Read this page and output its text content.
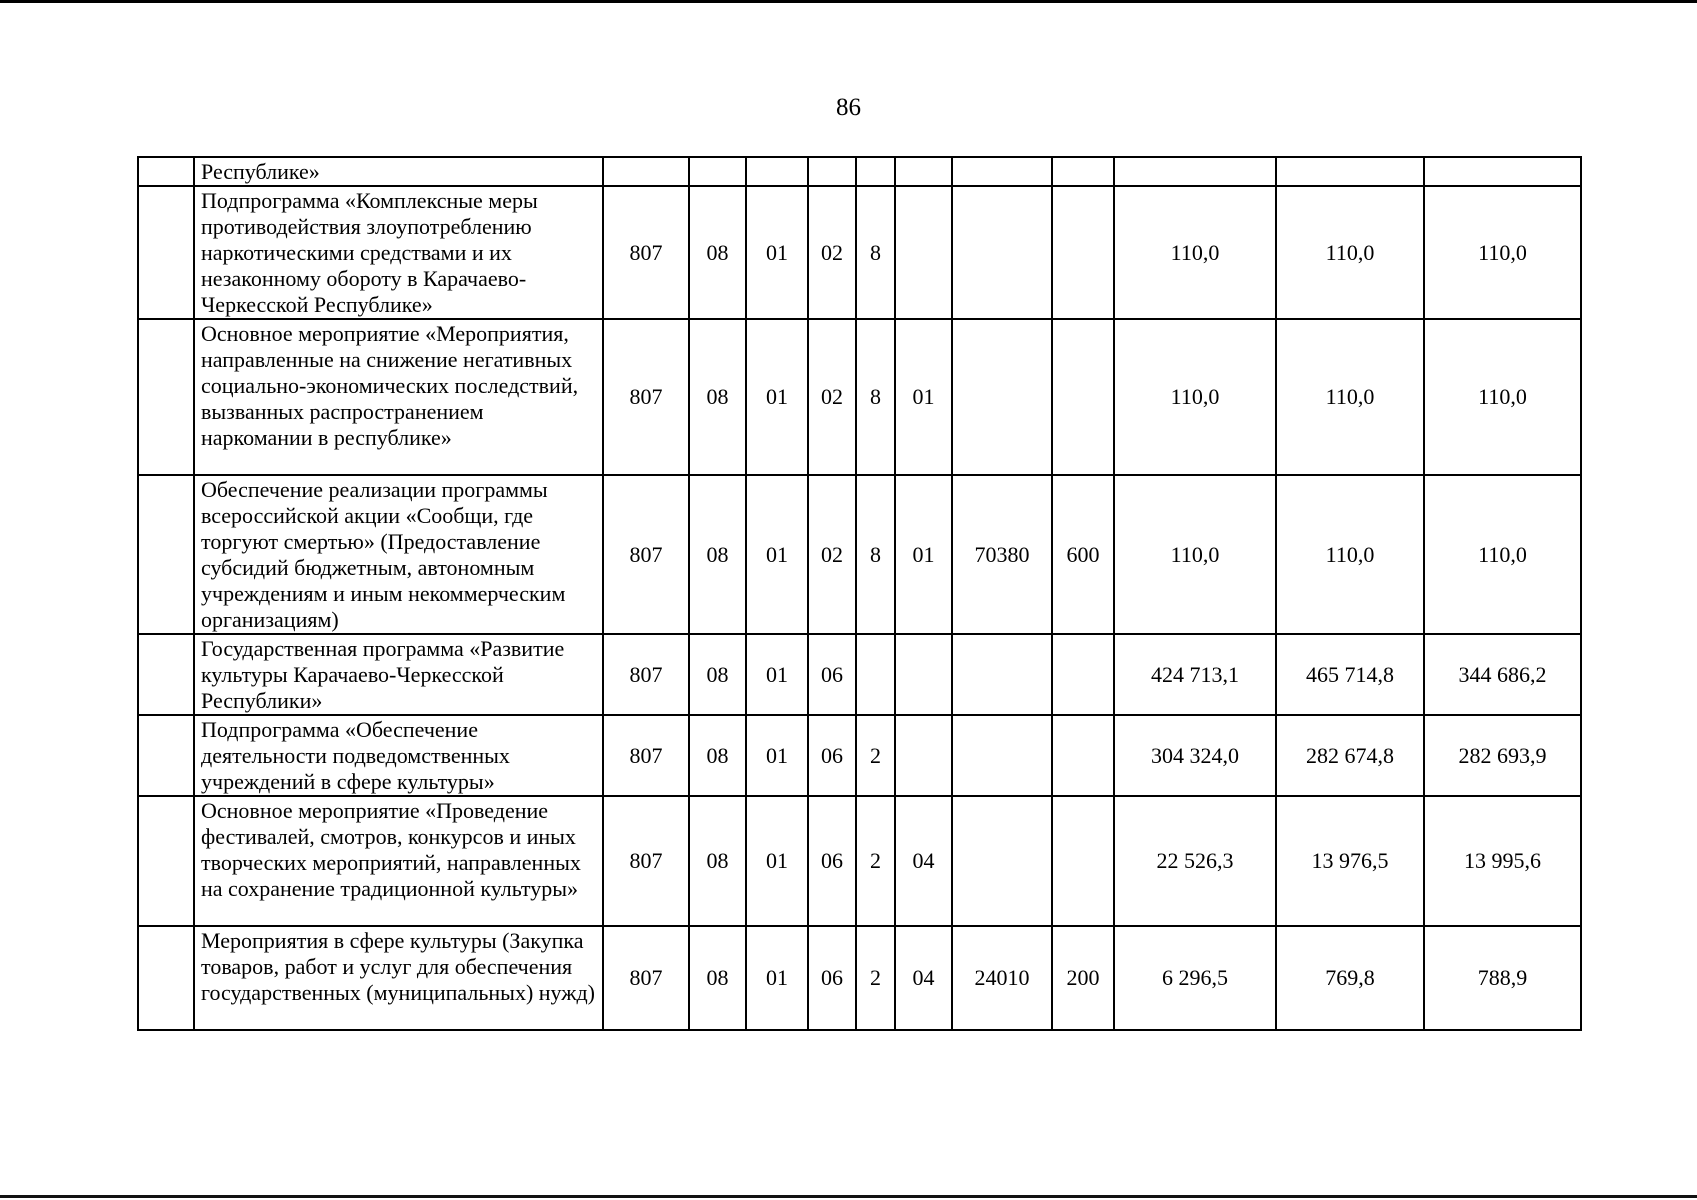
86
	Республике»											
	Подпрограмма «Комплексные меры противодействия злоупотреблению наркотическими средствами и их незаконному обороту в Карачаево-Черкесской Республике»	807	08	01	02	8				110,0	110,0	110,0
	Основное мероприятие «Мероприятия, направленные на снижение негативных социально-экономических последствий, вызванных распространением наркомании в республике»	807	08	01	02	8	01			110,0	110,0	110,0
	Обеспечение реализации программы всероссийской акции «Сообщи, где торгуют смертью» (Предоставление субсидий бюджетным, автономным учреждениям и иным некоммерческим организациям)	807	08	01	02	8	01	70380	600	110,0	110,0	110,0
	Государственная программа «Развитие культуры Карачаево-Черкесской Республики»	807	08	01	06					424 713,1	465 714,8	344 686,2
	Подпрограмма «Обеспечение деятельности подведомственных учреждений в сфере культуры»	807	08	01	06	2				304 324,0	282 674,8	282 693,9
	Основное мероприятие «Проведение фестивалей, смотров, конкурсов и иных творческих мероприятий, направленных на сохранение традиционной культуры»	807	08	01	06	2	04			22 526,3	13 976,5	13 995,6
	Мероприятия в сфере культуры (Закупка товаров, работ и услуг для обеспечения государственных (муниципальных) нужд)	807	08	01	06	2	04	24010	200	6 296,5	769,8	788,9
